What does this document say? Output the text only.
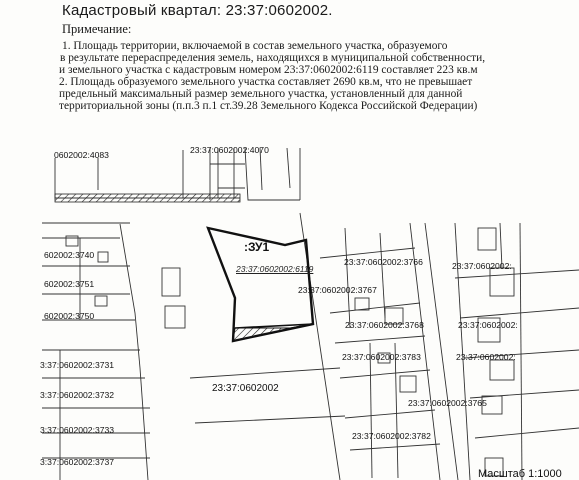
Кадастровый квартал: 23:37:0602002.
Примечание:
1. Площадь территории, включаемой в состав земельного участка, образуемого
в результате перераспределения земель, находящихся в муниципальной собственности,
и земельного участка с кадастровым номером 23:37:0602002:6119 составляет 223 кв.м
2. Площадь образуемого земельного участка составляет 2690 кв.м, что не превышает
предельный максимальный размер земельного участка, установленный для данной
территориальной зоны (п.п.3 п.1 ст.39.28 Земельного Кодекса Российской Федерации)
0602002:4083	23:37:0602002:4070
602002:3740
602002:3751
602002:3750
3:37:0602002:3731
3:37:0602002:3732
3:37:0602002:3733
3:37:0602002:3737
23:37:0602002:3766
23:37:0602002:3767
23:37:0602002:3768
23:37:0602002:3783
23:37:0602002:3765
23:37:0602002:3782
23:37:0602002:
23:37:0602002:
23:37:0602002:
:ЗУ1
23:37:0602002:6119
23:37:0602002
Масштаб 1:1000
